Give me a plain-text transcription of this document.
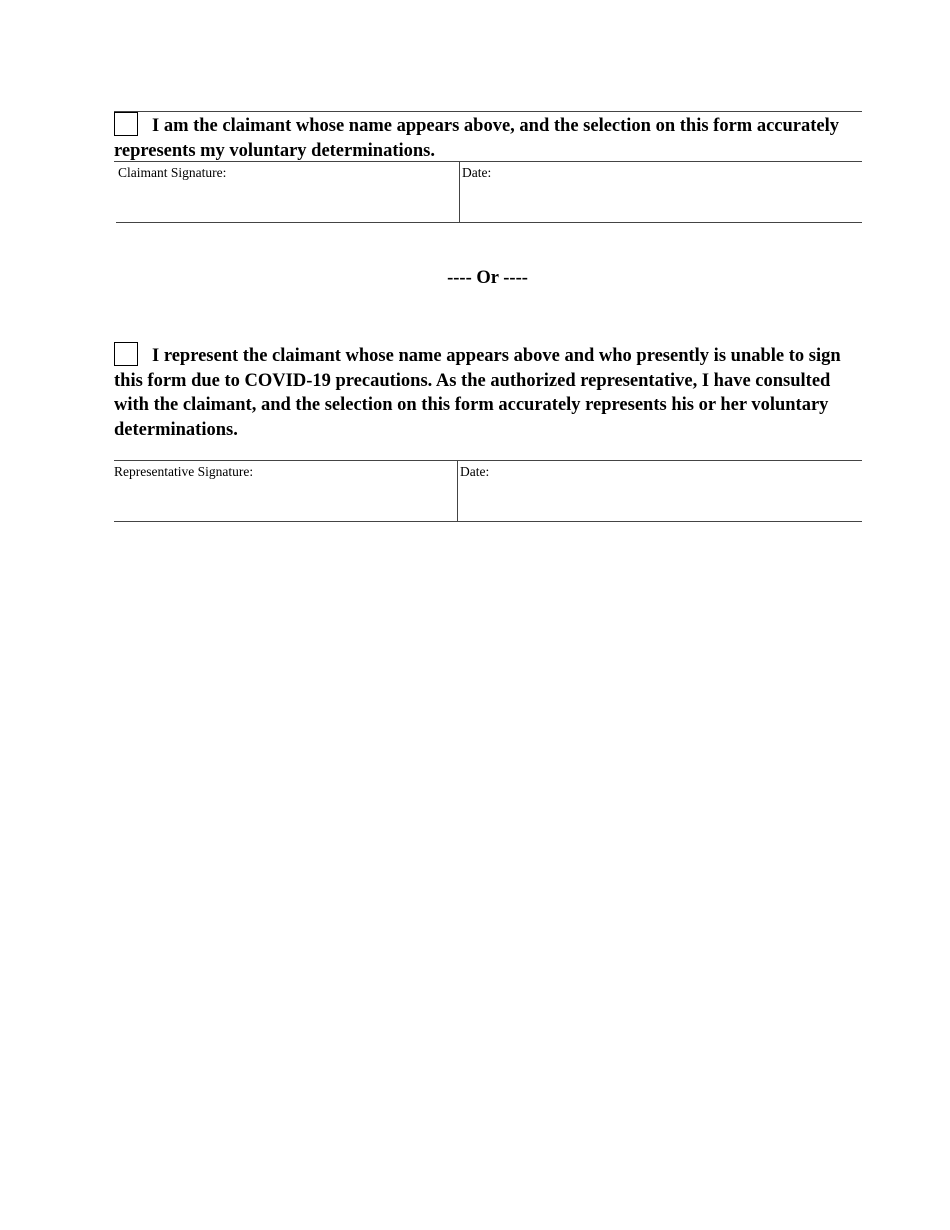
I am the claimant whose name appears above, and the selection on this form accurately represents my voluntary determinations.

Claimant Signature:	Date:
---- Or ----

I represent the claimant whose name appears above and who presently is unable to sign this form due to COVID-19 precautions. As the authorized representative, I have consulted with the claimant, and the selection on this form accurately represents his or her voluntary determinations.

Representative Signature:	Date:
